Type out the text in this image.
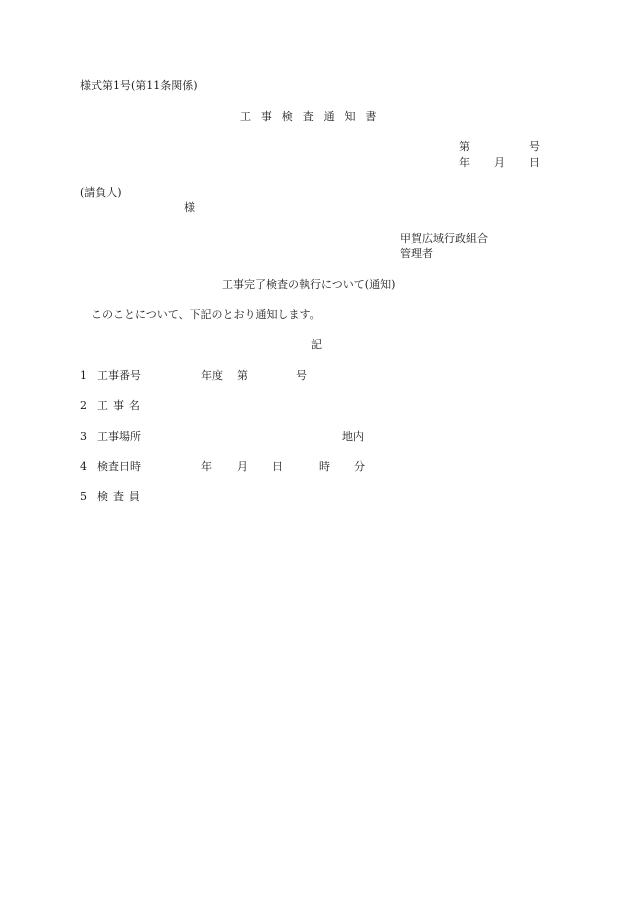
様式第1号(第11条関係)
工事検査通知書
第	号
年 月 日
(請負人)
様
甲賀広域行政組合
管理者
工事完了検査の執行について(通知)
このことについて、下記のとおり通知します。
記
1 工事番号	年度 第	号
2 工事名
3 工事場所	地内
4 検査日時	年 月 日	時 分
5 検査員
